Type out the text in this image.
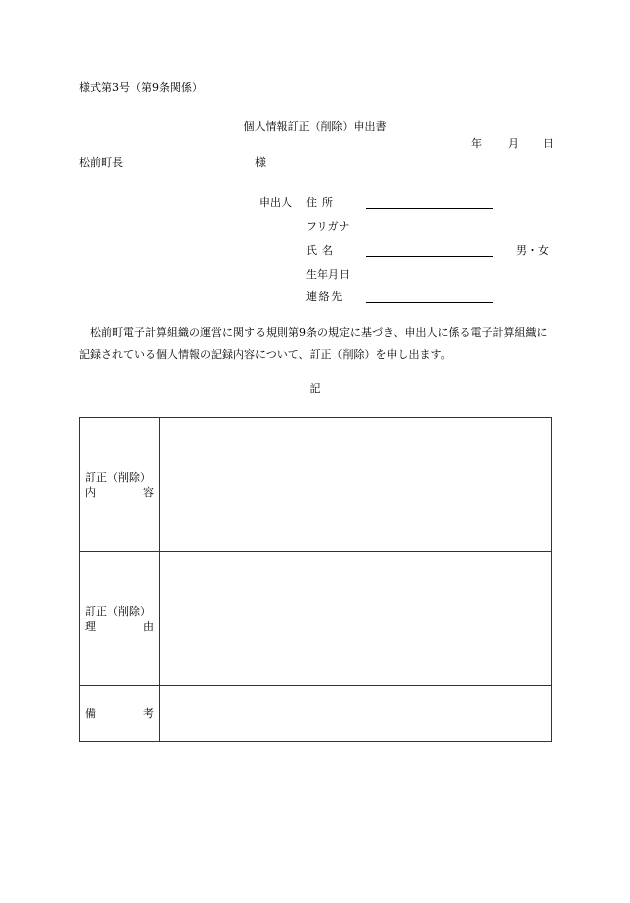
様式第3号（第9条関係）
個人情報訂正（削除）申出書
年 月 日
松前町長	様
申出人 住所
フリガナ
氏名	男・女
生年月日
連絡先
松前町電子計算組織の運営に関する規則第9条の規定に基づき、申出人に係る電子計算組織に記録されている個人情報の記録内容について、訂正（削除）を申し出ます。
記
訂正（削除）
内 容	

訂正（削除）
理 由	

備 考	
